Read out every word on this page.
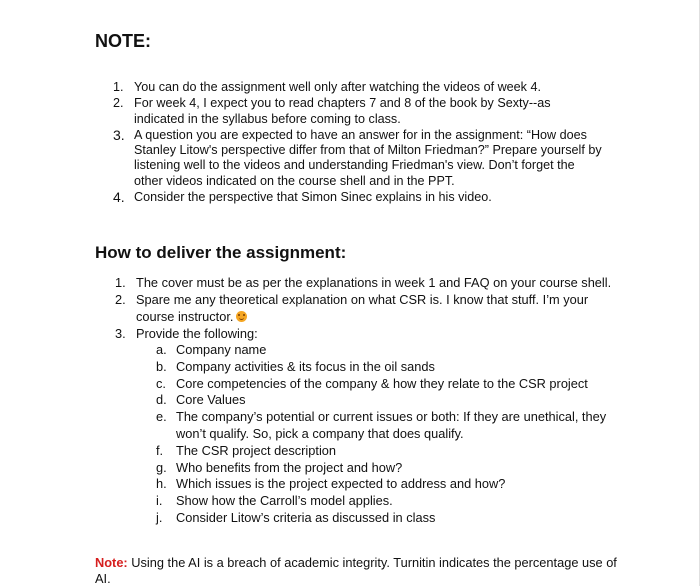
NOTE:
1. You can do the assignment well only after watching the videos of week 4.
2. For week 4, I expect you to read chapters 7 and 8 of the book by Sexty--as indicated in the syllabus before coming to class.
3. A question you are expected to have an answer for in the assignment: “How does Stanley Litow's perspective differ from that of Milton Friedman?” Prepare yourself by listening well to the videos and understanding Friedman's view. Don’t forget the other videos indicated on the course shell and in the PPT.
4. Consider the perspective that Simon Sinec explains in his video.
How to deliver the assignment:
1. The cover must be as per the explanations in week 1 and FAQ on your course shell.
2. Spare me any theoretical explanation on what CSR is. I know that stuff. I’m your course instructor.
3. Provide the following:
a. Company name
b. Company activities & its focus in the oil sands
c. Core competencies of the company & how they relate to the CSR project
d. Core Values
e. The company’s potential or current issues or both: If they are unethical, they won’t qualify. So, pick a company that does qualify.
f. The CSR project description
g. Who benefits from the project and how?
h. Which issues is the project expected to address and how?
i. Show how the Carroll’s model applies.
j. Consider Litow’s criteria as discussed in class
Note: Using the AI is a breach of academic integrity. Turnitin indicates the percentage use of AI.
